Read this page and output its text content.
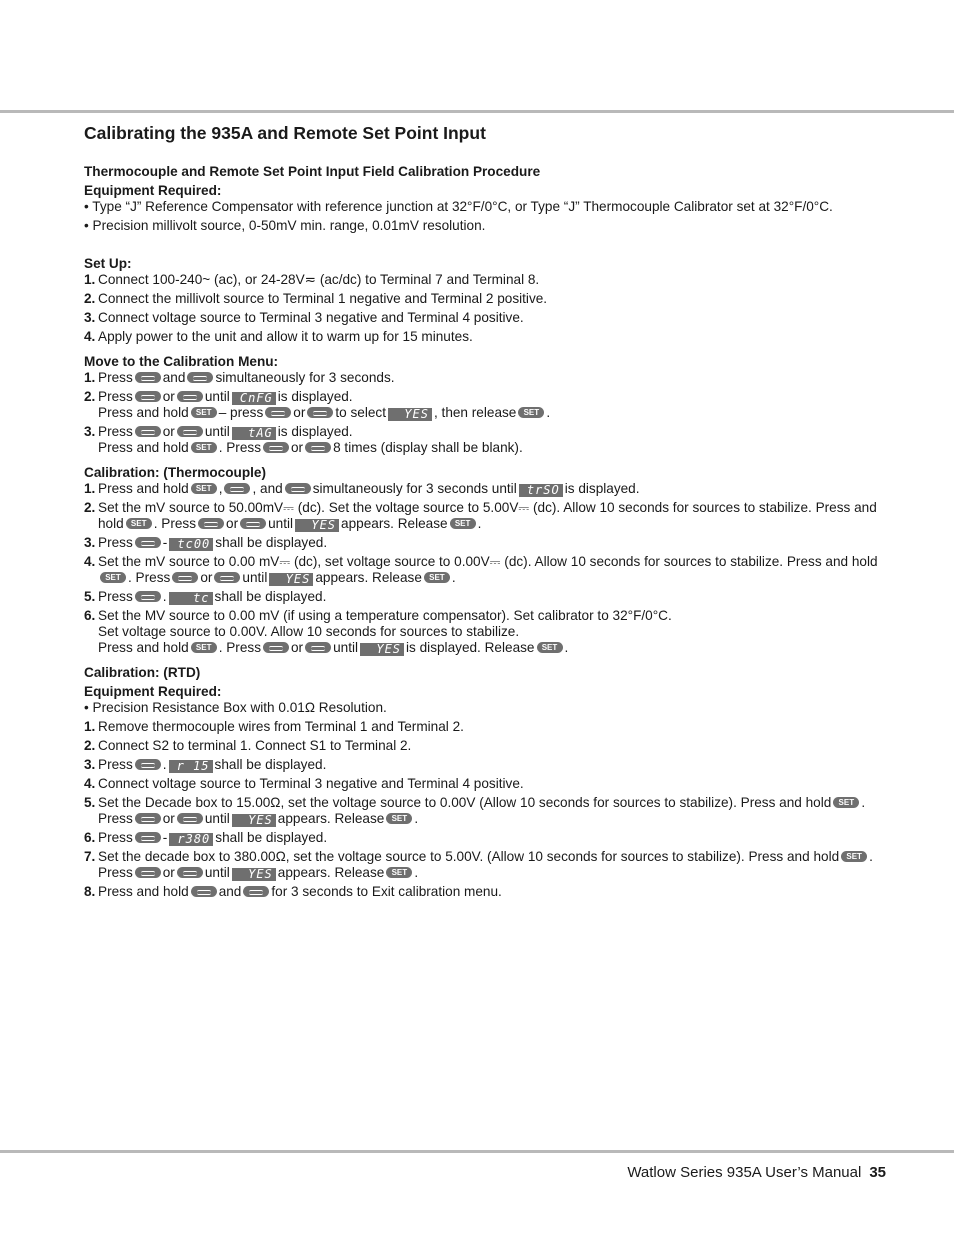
Calibrating the 935A and Remote Set Point Input
Thermocouple and Remote Set Point Input Field Calibration Procedure
Equipment Required:
• Type “J” Reference Compensator with reference junction at 32°F/0°C, or Type “J” Thermocouple Calibrator set at 32°F/0°C.
• Precision millivolt source, 0-50mV min. range, 0.01mV resolution.
Set Up:
1. Connect 100-240~ (ac), or 24-28V≂ (ac/dc) to Terminal 7 and Terminal 8.
2. Connect the millivolt source to Terminal 1 negative and Terminal 2 positive.
3. Connect voltage source to Terminal 3 negative and Terminal 4 positive.
4. Apply power to the unit and allow it to warm up for 15 minutes.
Move to the Calibration Menu:
1. Press and simultaneously for 3 seconds.
2. Press or until CnFG is displayed.
Press and hold SET – press or to select YES , then release SET .
3. Press or until tAG is displayed.
Press and hold SET . Press or 8 times (display shall be blank).
Calibration: (Thermocouple)
1. Press and hold SET , , and simultaneously for 3 seconds until trSO is displayed.
2. Set the mV source to 50.00mV⎓ (dc). Set the voltage source to 5.00V⎓ (dc). Allow 10 seconds for sources to stabilize. Press and hold SET . Press or until YES appears. Release SET .
3. Press - tc00 shall be displayed.
4. Set the mV source to 0.00 mV⎓ (dc), set voltage source to 0.00V⎓ (dc). Allow 10 seconds for sources to stabilize. Press and holdSET. Press or until YES appears. Release SET .
5. Press . tc shall be displayed.
6. Set the MV source to 0.00 mV (if using a temperature compensator). Set calibrator to 32°F/0°C.
Set voltage source to 0.00V. Allow 10 seconds for sources to stabilize.
Press and hold SET . Press or until YES is displayed. Release SET .
Calibration: (RTD)
Equipment Required:
• Precision Resistance Box with 0.01Ω Resolution.
1. Remove thermocouple wires from Terminal 1 and Terminal 2.
2. Connect S2 to terminal 1. Connect S1 to Terminal 2.
3. Press . r 15 shall be displayed.
4. Connect voltage source to Terminal 3 negative and Terminal 4 positive.
5. Set the Decade box to 15.00Ω, set the voltage source to 0.00V (Allow 10 seconds for sources to stabilize). Press and hold SET .
Press or until YES appears. Release SET .
6. Press - r380 shall be displayed.
7. Set the decade box to 380.00Ω, set the voltage source to 5.00V. (Allow 10 seconds for sources to stabilize). Press and holdSET .
Press or until YES appears. Release SET .
8. Press and hold and for 3 seconds to Exit calibration menu.
Watlow Series 935A User’s Manual 35
